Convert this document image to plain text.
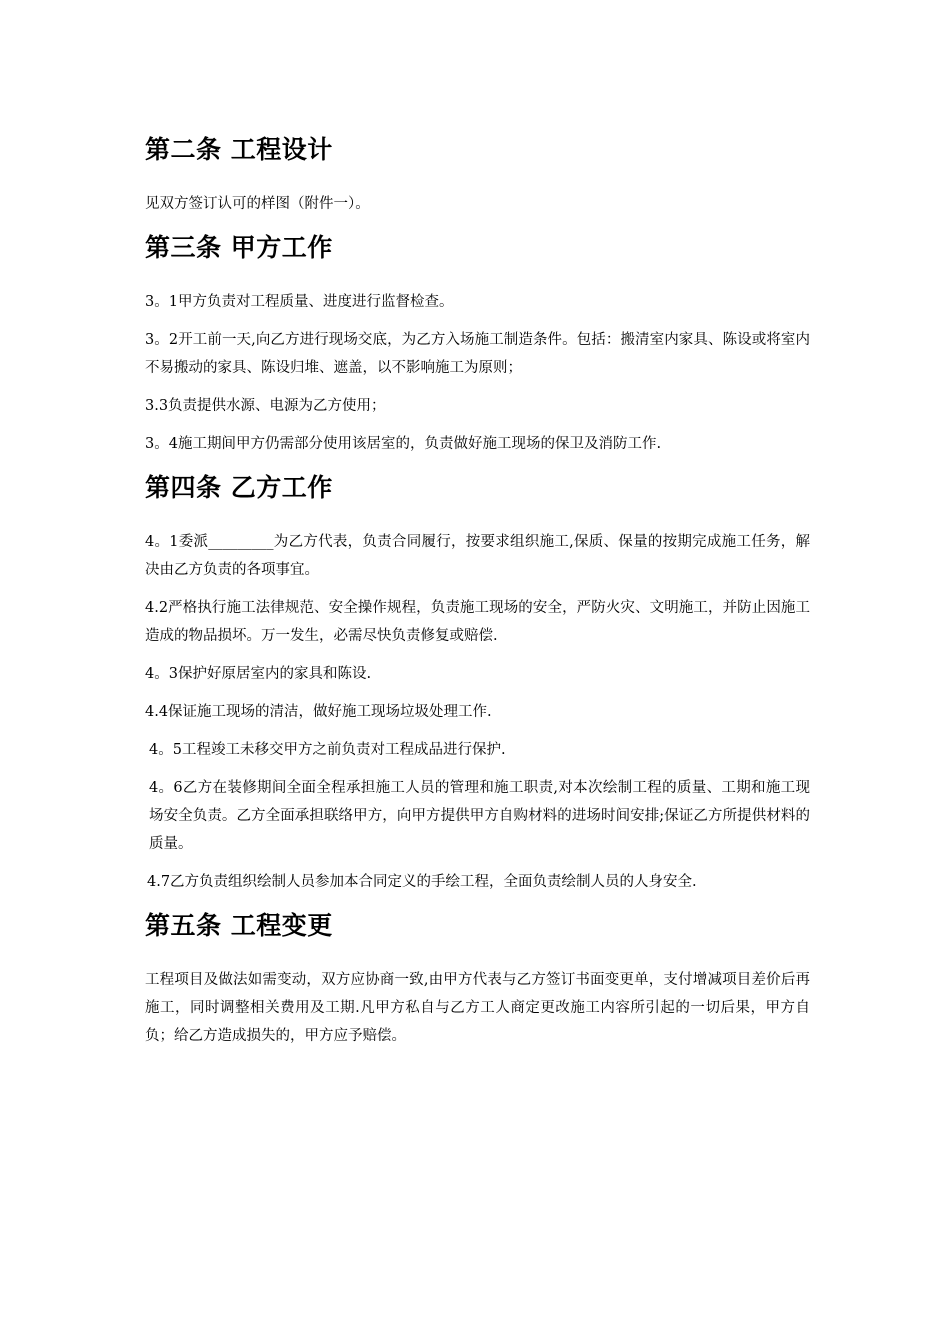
第二条 工程设计

见双方签订认可的样图（附件一）。

第三条 甲方工作

3。1甲方负责对工程质量、进度进行监督检查。

3。2开工前一天,向乙方进行现场交底，为乙方入场施工制造条件。包括：搬清室内家具、陈设或将室内不易搬动的家具、陈设归堆、遮盖，以不影响施工为原则；

3.3负责提供水源、电源为乙方使用；

3。4施工期间甲方仍需部分使用该居室的，负责做好施工现场的保卫及消防工作.

第四条 乙方工作

4。1委派_________为乙方代表，负责合同履行，按要求组织施工,保质、保量的按期完成施工任务，解决由乙方负责的各项事宜。

4.2严格执行施工法律规范、安全操作规程，负责施工现场的安全，严防火灾、文明施工，并防止因施工造成的物品损坏。万一发生，必需尽快负责修复或赔偿.

4。3保护好原居室内的家具和陈设.

4.4保证施工现场的清洁，做好施工现场垃圾处理工作.

4。5工程竣工未移交甲方之前负责对工程成品进行保护.

4。6乙方在装修期间全面全程承担施工人员的管理和施工职责,对本次绘制工程的质量、工期和施工现场安全负责。乙方全面承担联络甲方，向甲方提供甲方自购材料的进场时间安排;保证乙方所提供材料的质量。

4.7乙方负责组织绘制人员参加本合同定义的手绘工程，全面负责绘制人员的人身安全.

第五条 工程变更

工程项目及做法如需变动，双方应协商一致,由甲方代表与乙方签订书面变更单，支付增减项目差价后再施工，同时调整相关费用及工期.凡甲方私自与乙方工人商定更改施工内容所引起的一切后果，甲方自负；给乙方造成损失的，甲方应予赔偿。
